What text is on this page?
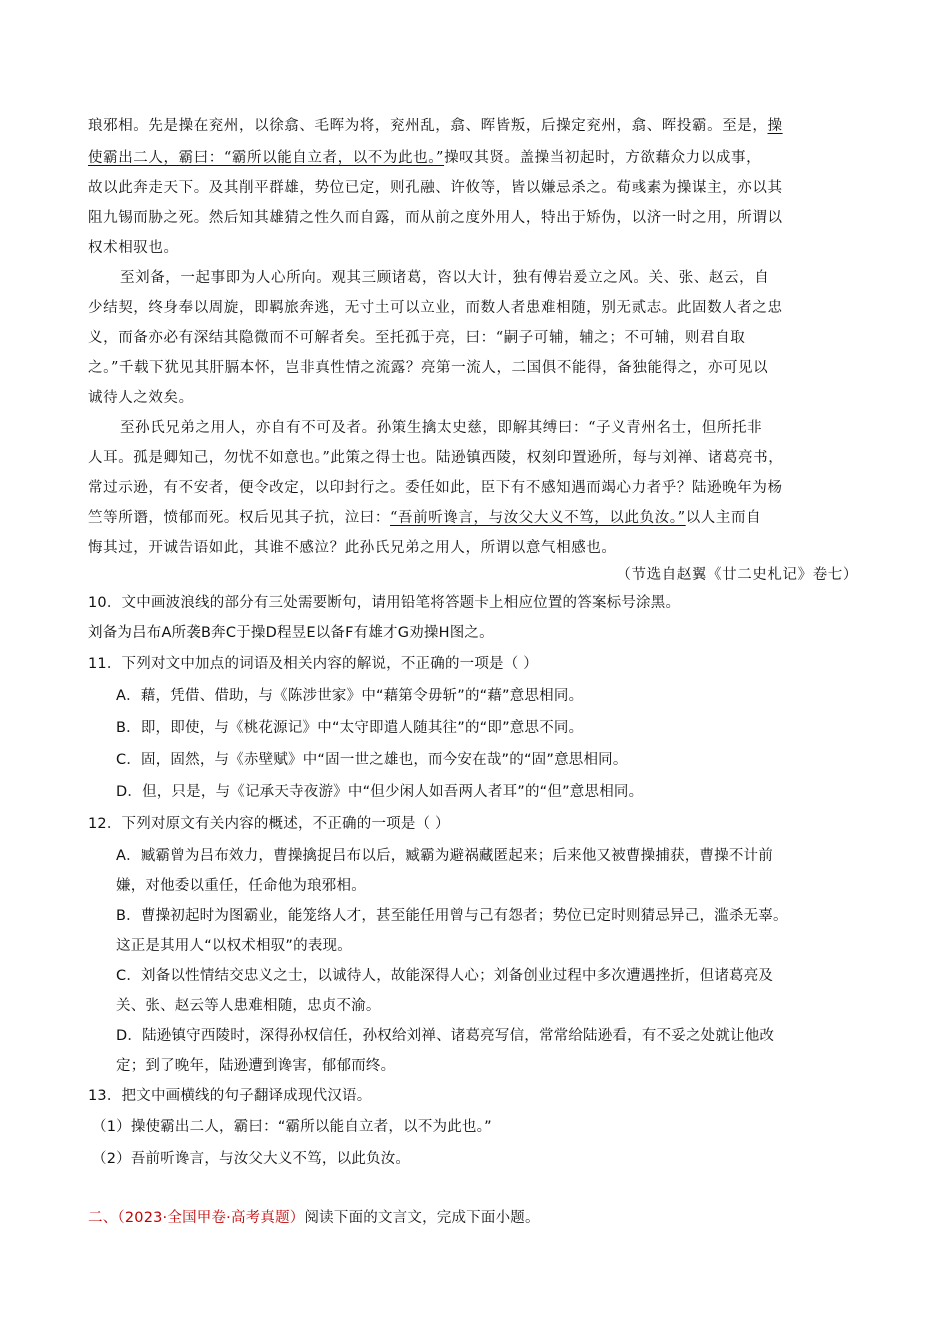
琅邪相。先是操在兖州，以徐翕、毛晖为将，兖州乱，翕、晖皆叛，后操定兖州，翕、晖投霸。至是，操
使霸出二人，霸曰：“霸所以能自立者，以不为此也。”操叹其贤。盖操当初起时，方欲藉众力以成事，
故以此奔走天下。及其削平群雄，势位已定，则孔融、许攸等，皆以嫌忌杀之。荀彧素为操谋主，亦以其
阻九锡而胁之死。然后知其雄猜之性久而自露，而从前之度外用人，特出于矫伪，以济一时之用，所谓以
权术相驭也。
至刘备，一起事即为人心所向。观其三顾诸葛，咨以大计，独有傅岩爰立之风。关、张、赵云，自
少结契，终身奉以周旋，即羁旅奔逃，无寸土可以立业，而数人者患难相随，别无贰志。此固数人者之忠
义，而备亦必有深结其隐微而不可解者矣。至托孤于亮，曰：“嗣子可辅，辅之；不可辅，则君自取
之。”千载下犹见其肝膈本怀，岂非真性情之流露？亮第一流人，二国俱不能得，备独能得之，亦可见以
诚待人之效矣。
至孙氏兄弟之用人，亦自有不可及者。孙策生擒太史慈，即解其缚曰：“子义青州名士，但所托非
人耳。孤是卿知己，勿忧不如意也。”此策之得士也。陆逊镇西陵，权刻印置逊所，每与刘禅、诸葛亮书，
常过示逊，有不安者，便令改定，以印封行之。委任如此，臣下有不感知遇而竭心力者乎？陆逊晚年为杨
竺等所谮，愤郁而死。权后见其子抗，泣曰：“吾前听谗言，与汝父大义不笃，以此负汝。”以人主而自
悔其过，开诚告语如此，其谁不感泣？此孙氏兄弟之用人，所谓以意气相感也。
（节选自赵翼《廿二史札记》卷七）
10．文中画波浪线的部分有三处需要断句，请用铅笔将答题卡上相应位置的答案标号涂黑。
刘备为吕布A所袭B奔C于操D程昱E以备F有雄才G劝操H图之。
11．下列对文中加点的词语及相关内容的解说，不正确的一项是（ ）
A．藉，凭借、借助，与《陈涉世家》中“藉第令毋斩”的“藉”意思相同。
B．即，即使，与《桃花源记》中“太守即遣人随其往”的“即”意思不同。
C．固，固然，与《赤壁赋》中“固一世之雄也，而今安在哉”的“固”意思相同。
D．但，只是，与《记承天寺夜游》中“但少闲人如吾两人者耳”的“但”意思相同。
12．下列对原文有关内容的概述，不正确的一项是（ ）
A．臧霸曾为吕布效力，曹操擒捉吕布以后，臧霸为避祸藏匿起来；后来他又被曹操捕获，曹操不计前
嫌，对他委以重任，任命他为琅邪相。
B．曹操初起时为图霸业，能笼络人才，甚至能任用曾与己有怨者；势位已定时则猜忌异己，滥杀无辜。
这正是其用人“以权术相驭”的表现。
C．刘备以性情结交忠义之士，以诚待人，故能深得人心；刘备创业过程中多次遭遇挫折，但诸葛亮及
关、张、赵云等人患难相随，忠贞不渝。
D．陆逊镇守西陵时，深得孙权信任，孙权给刘禅、诸葛亮写信，常常给陆逊看，有不妥之处就让他改
定；到了晚年，陆逊遭到谗害，郁郁而终。
13．把文中画横线的句子翻译成现代汉语。
（1）操使霸出二人，霸曰：“霸所以能自立者，以不为此也。”
（2）吾前听谗言，与汝父大义不笃，以此负汝。
二、（2023·全国甲卷·高考真题）阅读下面的文言文，完成下面小题。
